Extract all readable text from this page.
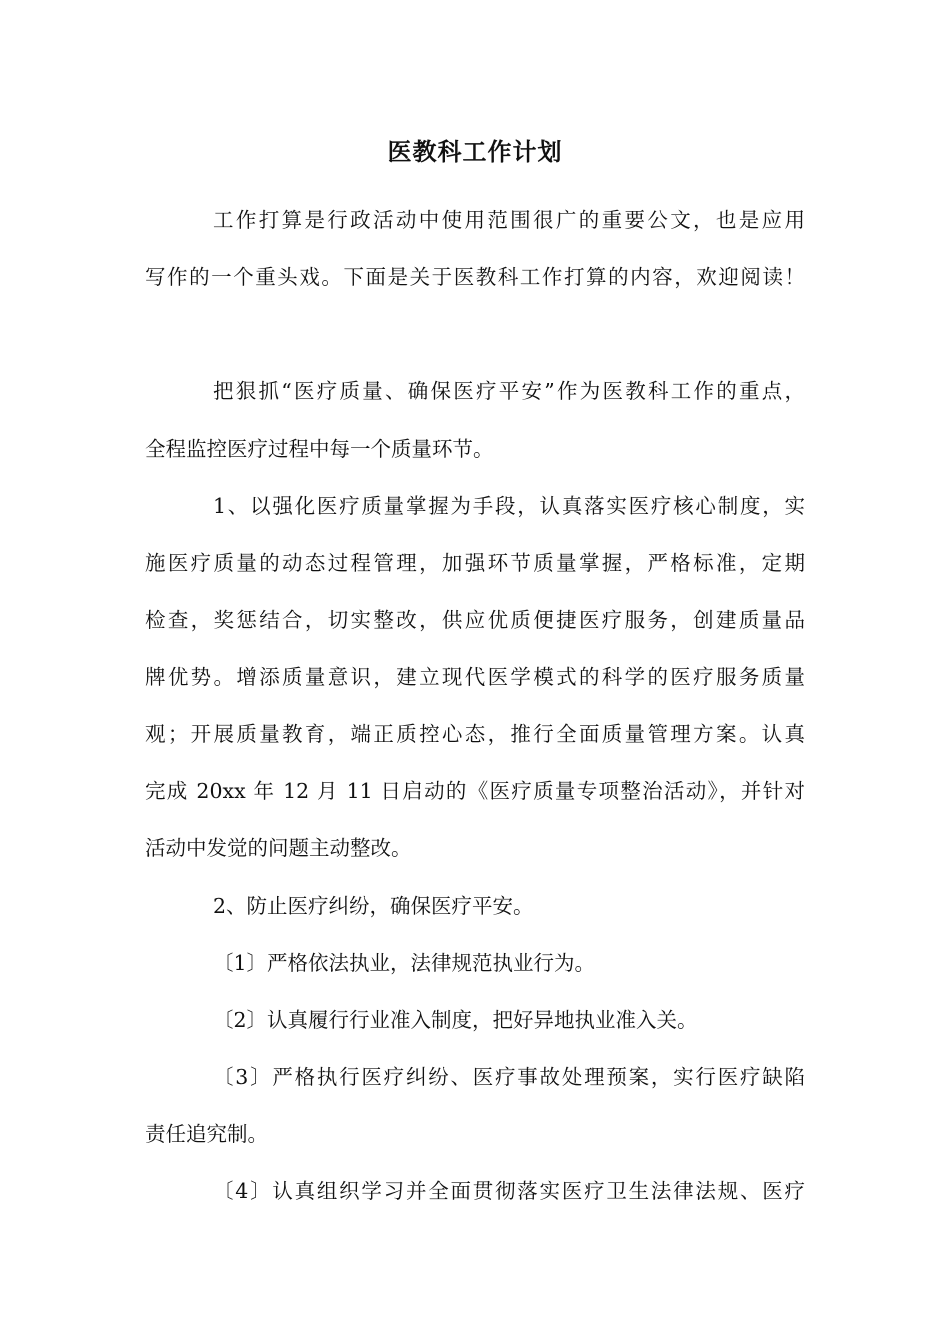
医教科工作计划
工作打算是行政活动中使用范围很广的重要公文，也是应用
写作的一个重头戏。下面是关于医教科工作打算的内容，欢迎阅读！
把狠抓“医疗质量、确保医疗平安”作为医教科工作的重点，
全程监控医疗过程中每一个质量环节。
1、以强化医疗质量掌握为手段，认真落实医疗核心制度，实
施医疗质量的动态过程管理，加强环节质量掌握，严格标准，定期
检查，奖惩结合，切实整改，供应优质便捷医疗服务，创建质量品
牌优势。增添质量意识，建立现代医学模式的科学的医疗服务质量
观；开展质量教育，端正质控心态，推行全面质量管理方案。认真
完成 20xx 年 12 月 11 日启动的《医疗质量专项整治活动》，并针对
活动中发觉的问题主动整改。
2、防止医疗纠纷，确保医疗平安。
〔1〕严格依法执业，法律规范执业行为。
〔2〕认真履行行业准入制度，把好异地执业准入关。
〔3〕严格执行医疗纠纷、医疗事故处理预案，实行医疗缺陷
责任追究制。
〔4〕认真组织学习并全面贯彻落实医疗卫生法律法规、医疗
